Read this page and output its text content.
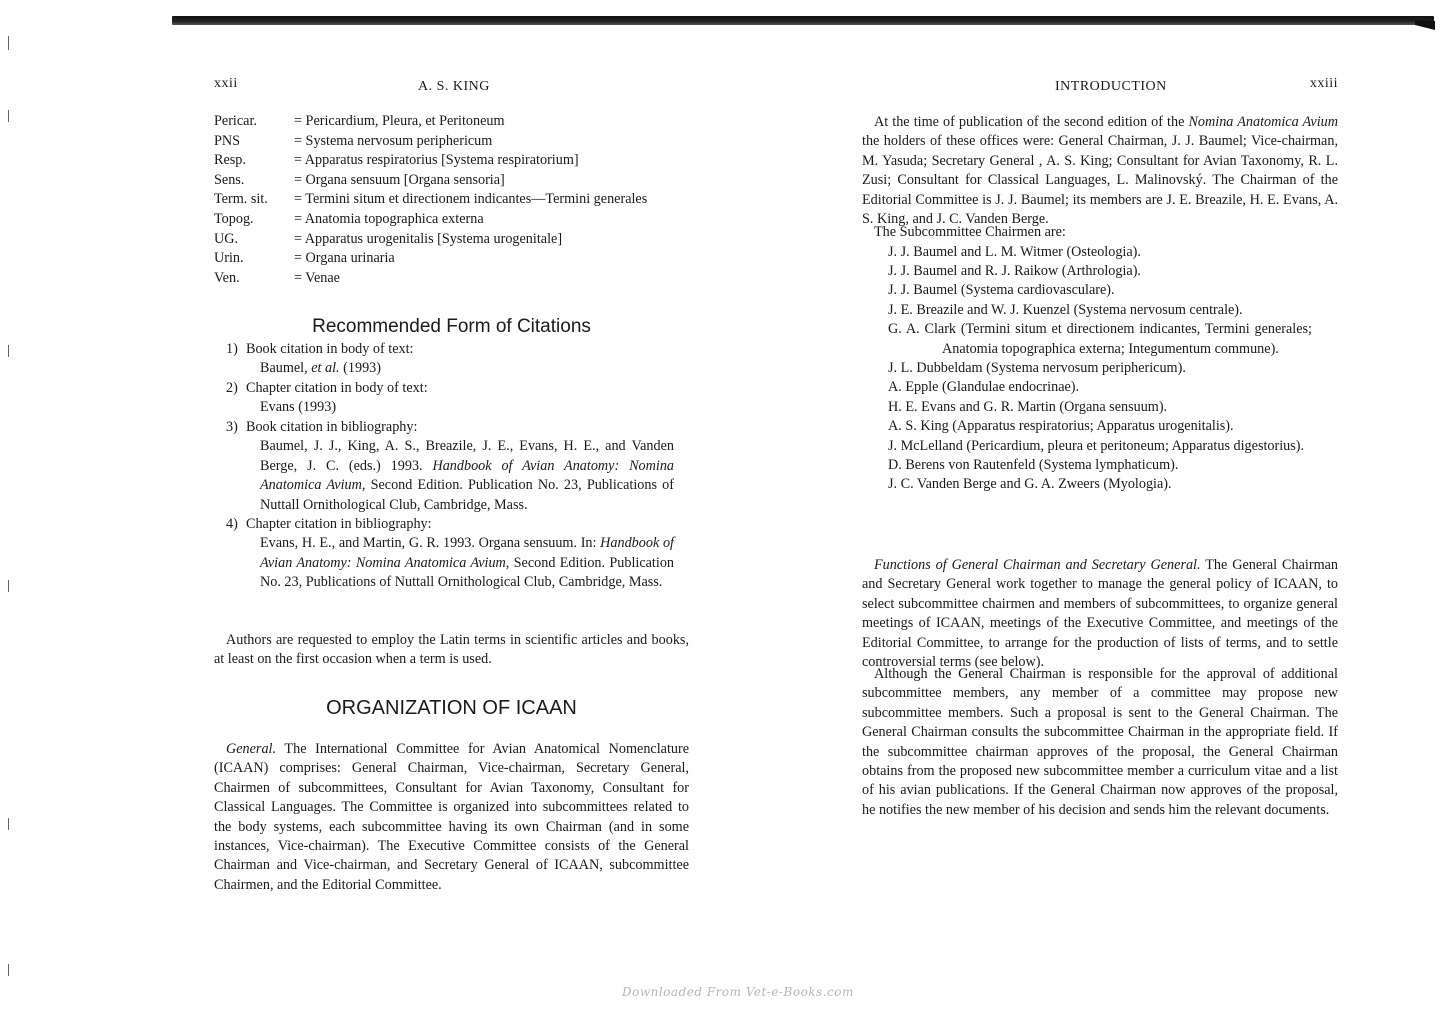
xxii	A. S. KING
Pericar.	= Pericardium, Pleura, et Peritoneum
PNS	= Systema nervosum periphericum
Resp.	= Apparatus respiratorius [Systema respiratorium]
Sens.	= Organa sensuum [Organa sensoria]
Term. sit.	= Termini situm et directionem indicantes—Termini generales
Topog.	= Anatomia topographica externa
UG.	= Apparatus urogenitalis [Systema urogenitale]
Urin.	= Organa urinaria
Ven.	= Venae
Recommended Form of Citations
1) Book citation in body of text:
Baumel, et al. (1993)
2) Chapter citation in body of text:
Evans (1993)
3) Book citation in bibliography:
Baumel, J. J., King, A. S., Breazile, J. E., Evans, H. E., and Vanden Berge, J. C. (eds.) 1993. Handbook of Avian Anatomy: Nomina Anatomica Avium, Second Edition. Publication No. 23, Publications of Nuttall Ornithological Club, Cambridge, Mass.
4) Chapter citation in bibliography:
Evans, H. E., and Martin, G. R. 1993. Organa sensuum. In: Handbook of Avian Anatomy: Nomina Anatomica Avium, Second Edition. Publication No. 23, Publications of Nuttall Ornithological Club, Cambridge, Mass.
Authors are requested to employ the Latin terms in scientific articles and books, at least on the first occasion when a term is used.
ORGANIZATION OF ICAAN
General. The International Committee for Avian Anatomical Nomenclature (ICAAN) comprises: General Chairman, Vice-chairman, Secretary General, Chairmen of subcommittees, Consultant for Avian Taxonomy, Consultant for Classical Languages. The Committee is organized into subcommittees related to the body systems, each subcommittee having its own Chairman (and in some instances, Vice-chairman). The Executive Committee consists of the General Chairman and Vice-chairman, and Secretary General of ICAAN, subcommittee Chairmen, and the Editorial Committee.
INTRODUCTION	xxiii
At the time of publication of the second edition of the Nomina Anatomica Avium the holders of these offices were: General Chairman, J. J. Baumel; Vice-chairman, M. Yasuda; Secretary General , A. S. King; Consultant for Avian Taxonomy, R. L. Zusi; Consultant for Classical Languages, L. Malinovský. The Chairman of the Editorial Committee is J. J. Baumel; its members are J. E. Breazile, H. E. Evans, A. S. King, and J. C. Vanden Berge.
The Subcommittee Chairmen are:
J. J. Baumel and L. M. Witmer (Osteologia).
J. J. Baumel and R. J. Raikow (Arthrologia).
J. J. Baumel (Systema cardiovasculare).
J. E. Breazile and W. J. Kuenzel (Systema nervosum centrale).
G. A. Clark (Termini situm et directionem indicantes, Termini generales; Anatomia topographica externa; Integumentum commune).
J. L. Dubbeldam (Systema nervosum periphericum).
A. Epple (Glandulae endocrinae).
H. E. Evans and G. R. Martin (Organa sensuum).
A. S. King (Apparatus respiratorius; Apparatus urogenitalis).
J. McLelland (Pericardium, pleura et peritoneum; Apparatus digestorius).
D. Berens von Rautenfeld (Systema lymphaticum).
J. C. Vanden Berge and G. A. Zweers (Myologia).
Functions of General Chairman and Secretary General. The General Chairman and Secretary General work together to manage the general policy of ICAAN, to select subcommittee chairmen and members of subcommittees, to organize general meetings of ICAAN, meetings of the Executive Committee, and meetings of the Editorial Committee, to arrange for the production of lists of terms, and to settle controversial terms (see below).
Although the General Chairman is responsible for the approval of additional subcommittee members, any member of a committee may propose new subcommittee members. Such a proposal is sent to the General Chairman. The General Chairman consults the subcommittee Chairman in the appropriate field. If the subcommittee chairman approves of the proposal, the General Chairman obtains from the proposed new subcommittee member a curriculum vitae and a list of his avian publications. If the General Chairman now approves of the proposal, he notifies the new member of his decision and sends him the relevant documents.
Downloaded From Vet-e-Books.com
